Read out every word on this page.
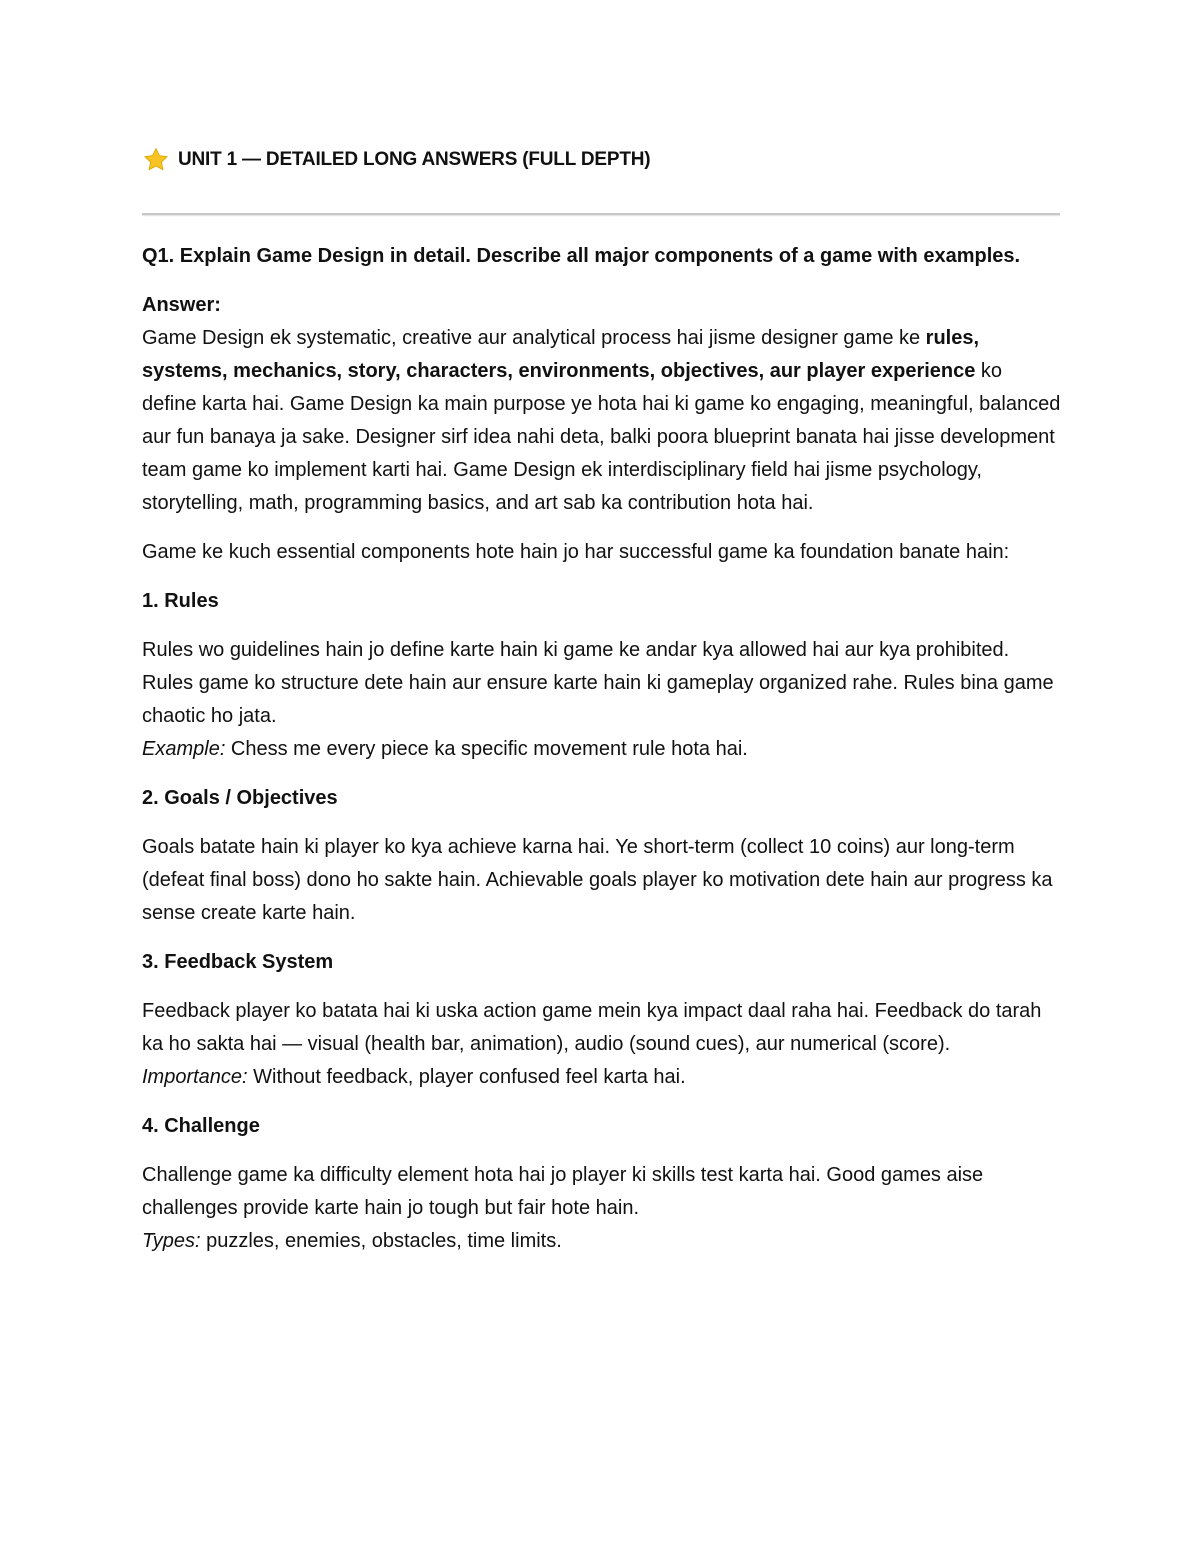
UNIT 1 — DETAILED LONG ANSWERS (FULL DEPTH)

Q1. Explain Game Design in detail. Describe all major components of a game with examples.

Answer:
Game Design ek systematic, creative aur analytical process hai jisme designer game ke rules, systems, mechanics, story, characters, environments, objectives, aur player experience ko define karta hai. Game Design ka main purpose ye hota hai ki game ko engaging, meaningful, balanced aur fun banaya ja sake. Designer sirf idea nahi deta, balki poora blueprint banata hai jisse development team game ko implement karti hai. Game Design ek interdisciplinary field hai jisme psychology, storytelling, math, programming basics, and art sab ka contribution hota hai.

Game ke kuch essential components hote hain jo har successful game ka foundation banate hain:

1. Rules

Rules wo guidelines hain jo define karte hain ki game ke andar kya allowed hai aur kya prohibited. Rules game ko structure dete hain aur ensure karte hain ki gameplay organized rahe. Rules bina game chaotic ho jata.
Example: Chess me every piece ka specific movement rule hota hai.

2. Goals / Objectives

Goals batate hain ki player ko kya achieve karna hai. Ye short-term (collect 10 coins) aur long-term (defeat final boss) dono ho sakte hain. Achievable goals player ko motivation dete hain aur progress ka sense create karte hain.

3. Feedback System

Feedback player ko batata hai ki uska action game mein kya impact daal raha hai. Feedback do tarah ka ho sakta hai — visual (health bar, animation), audio (sound cues), aur numerical (score).
Importance: Without feedback, player confused feel karta hai.

4. Challenge

Challenge game ka difficulty element hota hai jo player ki skills test karta hai. Good games aise challenges provide karte hain jo tough but fair hote hain.
Types: puzzles, enemies, obstacles, time limits.
